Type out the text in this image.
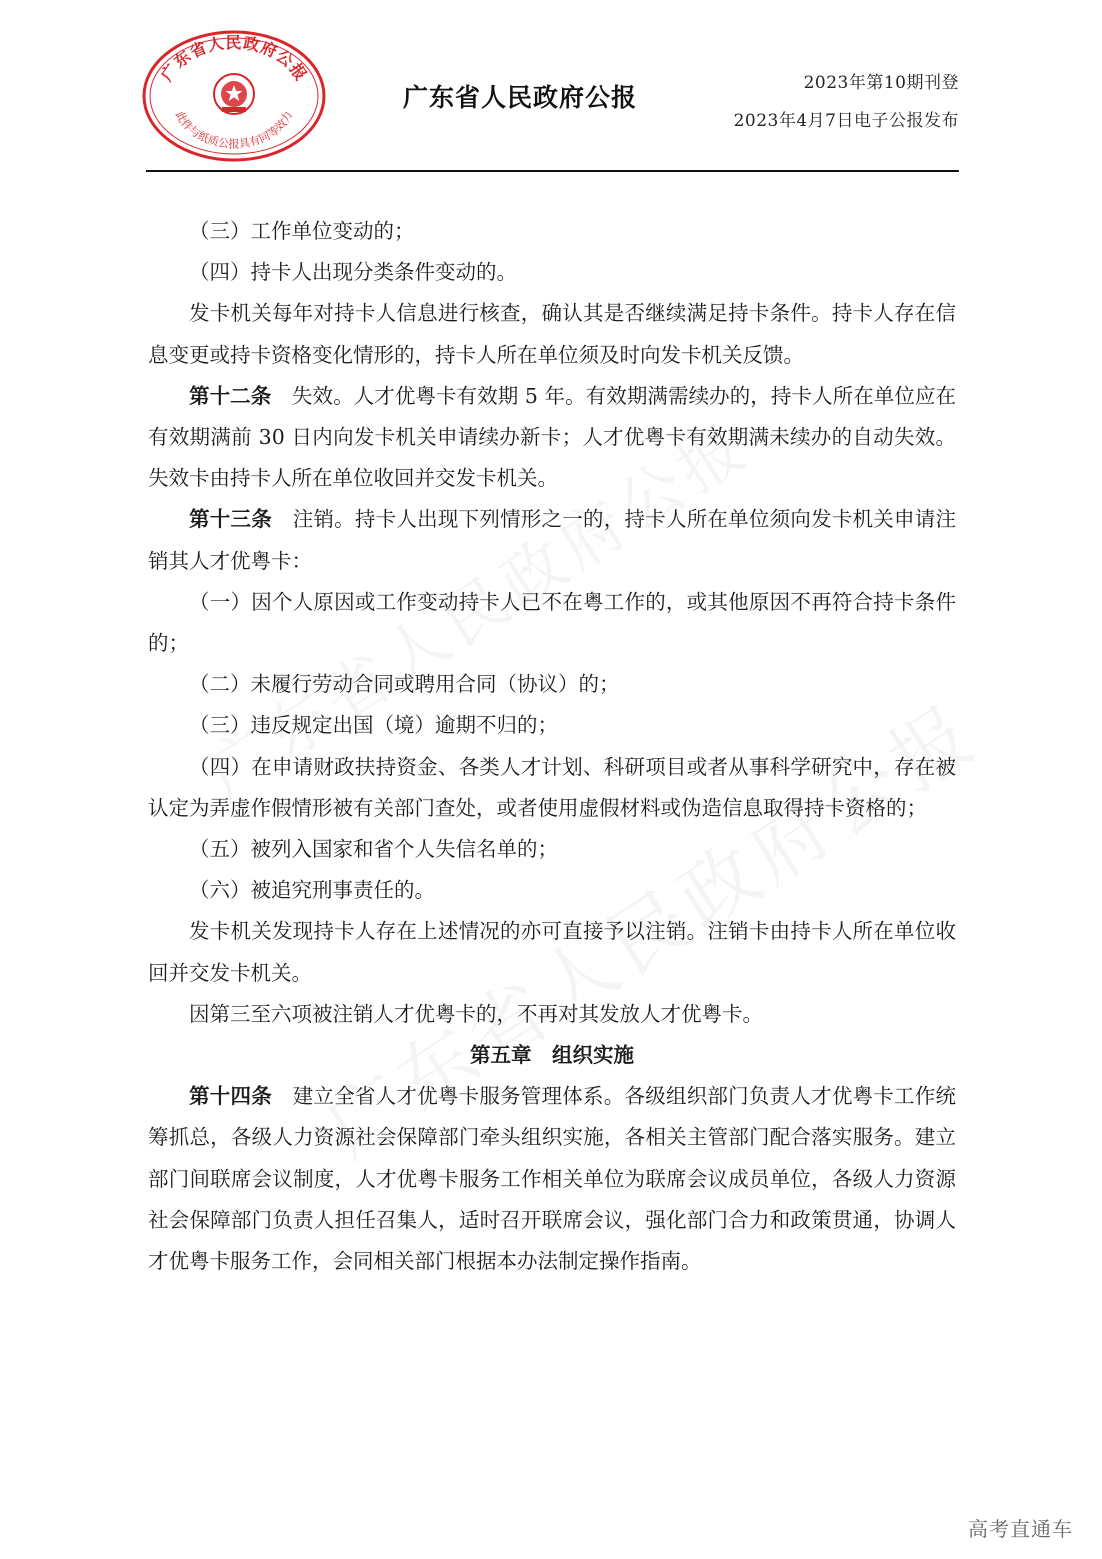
广东省人民政府公报
此件与纸质公报具有同等效力
广东省人民政府公报	2023年第10期刊登
2023年4月7日电子公报发布

（三）工作单位变动的；

（四）持卡人出现分类条件变动的。

发卡机关每年对持卡人信息进行核查，确认其是否继续满足持卡条件。持卡人存在信息变更或持卡资格变化情形的，持卡人所在单位须及时向发卡机关反馈。

第十二条　 失效。人才优粤卡有效期 5 年。有效期满需续办的，持卡人所在单位应在有效期满前 30 日内向发卡机关申请续办新卡；人才优粤卡有效期满未续办的自动失效。失效卡由持卡人所在单位收回并交发卡机关。

第十三条　 注销。持卡人出现下列情形之一的，持卡人所在单位须向发卡机关申请注销其人才优粤卡：

（一）因个人原因或工作变动持卡人已不在粤工作的，或其他原因不再符合持卡条件的；

（二）未履行劳动合同或聘用合同（协议）的；

（三）违反规定出国（境）逾期不归的；

（四）在申请财政扶持资金、各类人才计划、科研项目或者从事科学研究中，存在被认定为弄虚作假情形被有关部门查处，或者使用虚假材料或伪造信息取得持卡资格的；

（五）被列入国家和省个人失信名单的；

（六）被追究刑事责任的。

发卡机关发现持卡人存在上述情况的亦可直接予以注销。注销卡由持卡人所在单位收回并交发卡机关。

因第三至六项被注销人才优粤卡的，不再对其发放人才优粤卡。

第五章　组织实施

第十四条　 建立全省人才优粤卡服务管理体系。各级组织部门负责人才优粤卡工作统筹抓总，各级人力资源社会保障部门牵头组织实施，各相关主管部门配合落实服务。建立部门间联席会议制度，人才优粤卡服务工作相关单位为联席会议成员单位，各级人力资源社会保障部门负责人担任召集人，适时召开联席会议，强化部门合力和政策贯通，协调人才优粤卡服务工作，会同相关部门根据本办法制定操作指南。

高考直通车
